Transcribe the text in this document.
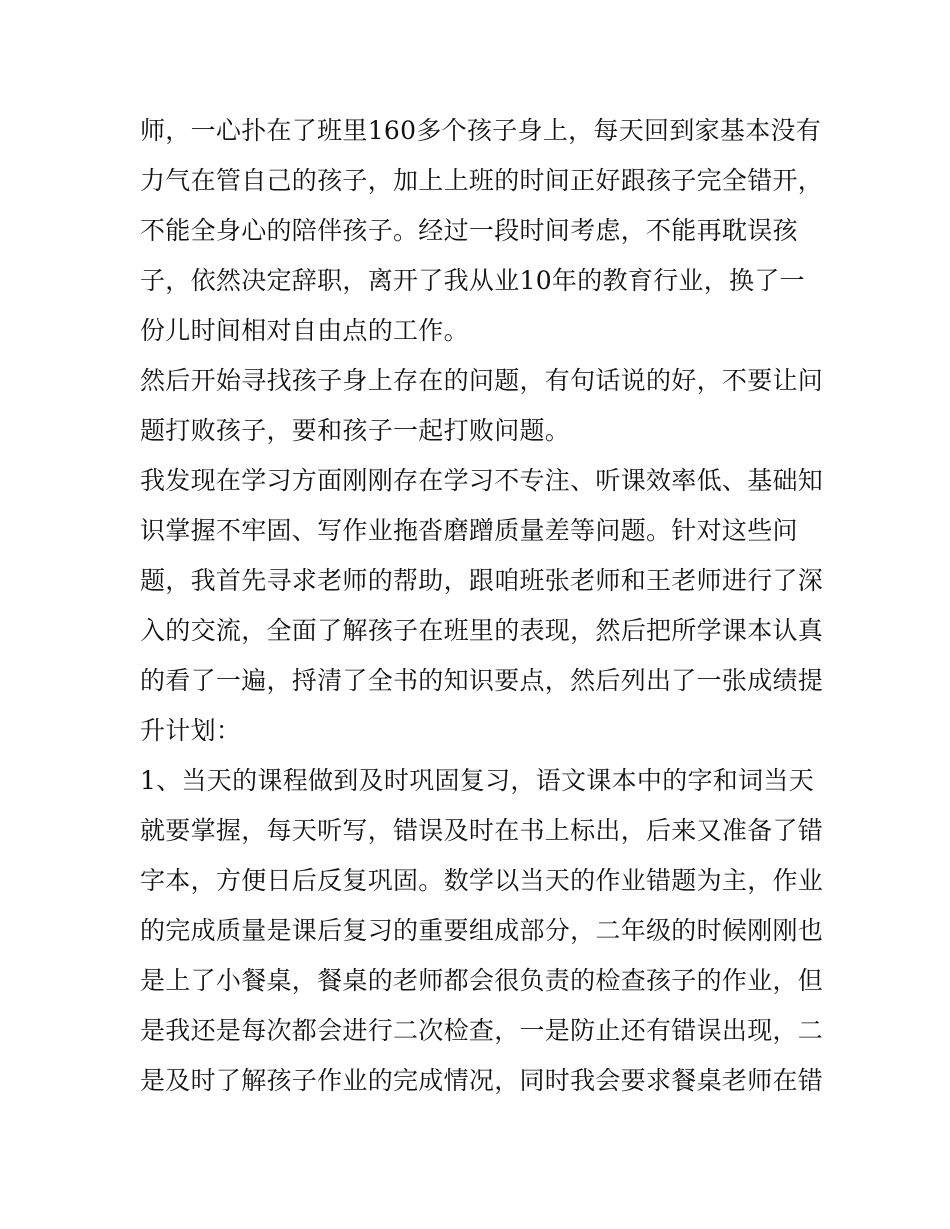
师，一心扑在了班里160多个孩子身上，每天回到家基本没有
力气在管自己的孩子，加上上班的时间正好跟孩子完全错开，
不能全身心的陪伴孩子。经过一段时间考虑，不能再耽误孩
子，依然决定辞职，离开了我从业10年的教育行业，换了一
份儿时间相对自由点的工作。
然后开始寻找孩子身上存在的问题，有句话说的好，不要让问
题打败孩子，要和孩子一起打败问题。
我发现在学习方面刚刚存在学习不专注、听课效率低、基础知
识掌握不牢固、写作业拖沓磨蹭质量差等问题。针对这些问
题，我首先寻求老师的帮助，跟咱班张老师和王老师进行了深
入的交流，全面了解孩子在班里的表现，然后把所学课本认真
的看了一遍，捋清了全书的知识要点，然后列出了一张成绩提
升计划：
1、当天的课程做到及时巩固复习，语文课本中的字和词当天
就要掌握，每天听写，错误及时在书上标出，后来又准备了错
字本，方便日后反复巩固。数学以当天的作业错题为主，作业
的完成质量是课后复习的重要组成部分，二年级的时候刚刚也
是上了小餐桌，餐桌的老师都会很负责的检查孩子的作业，但
是我还是每次都会进行二次检查，一是防止还有错误出现，二
是及时了解孩子作业的完成情况，同时我会要求餐桌老师在错
